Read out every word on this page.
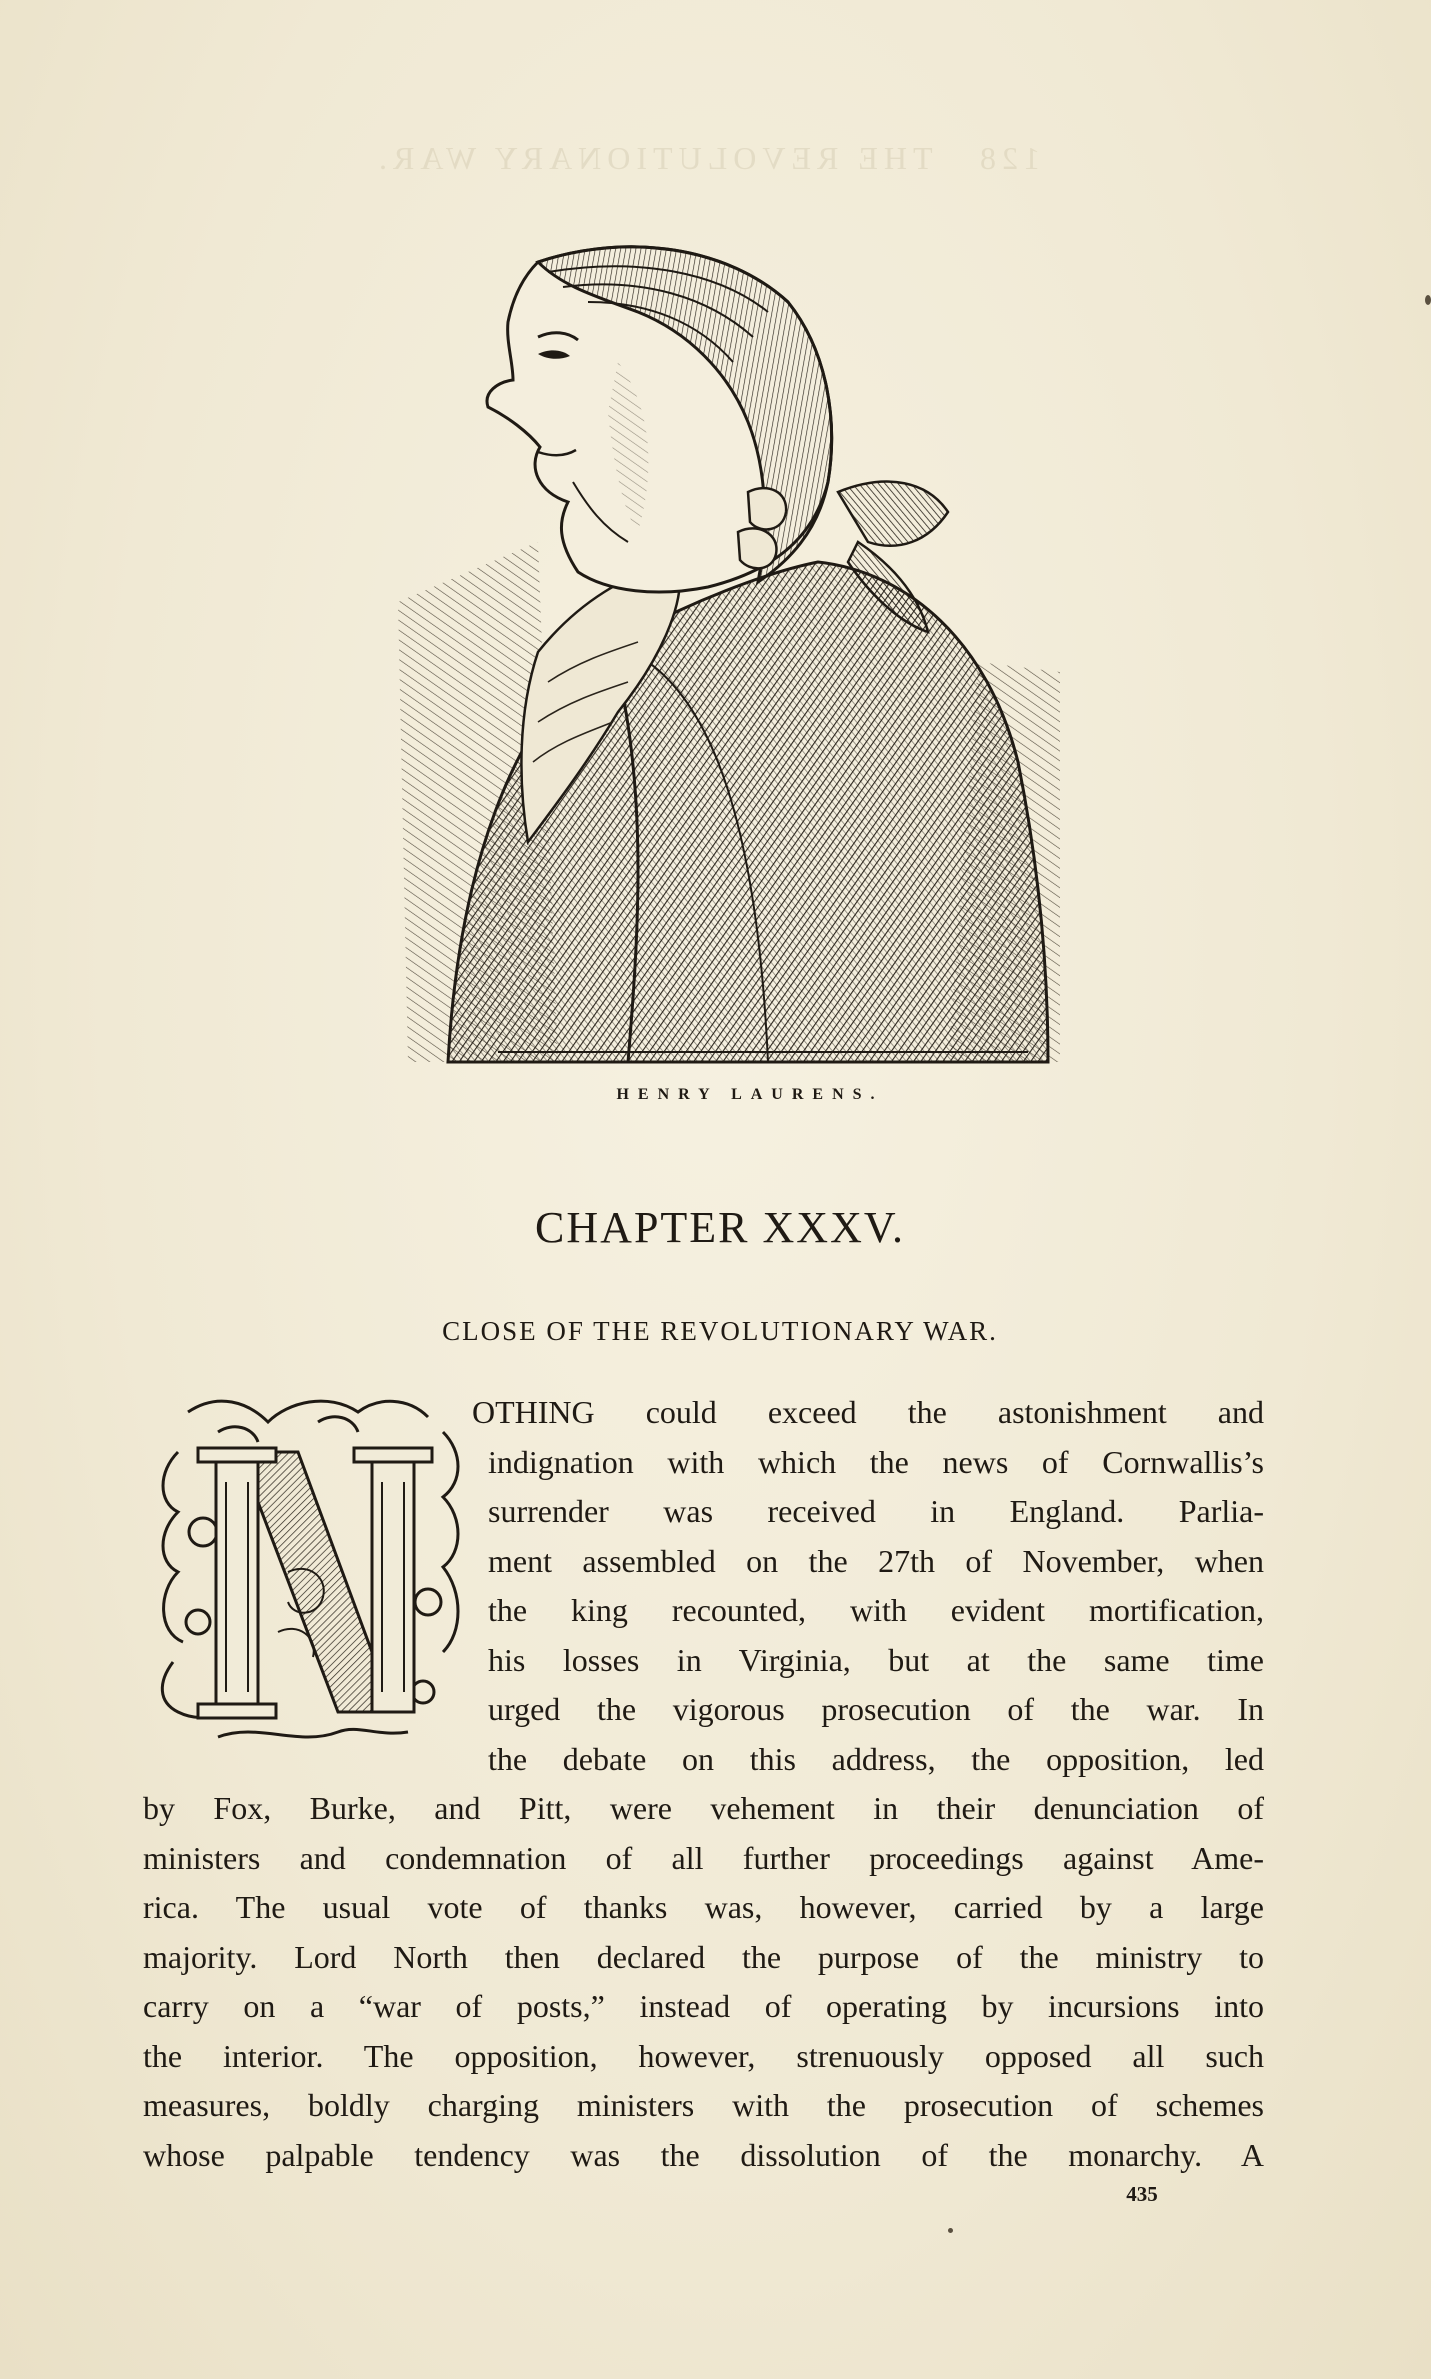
128   THE REVOLUTIONARY WAR.
HENRY LAURENS.
CHAPTER XXXV.
CLOSE OF THE REVOLUTIONARY WAR.
OTHING could exceed the astonishment and
indignation with which the news of Cornwallis’s
surrender was received in England. Parlia-
ment assembled on the 27th of November, when
the king recounted, with evident mortification,
his losses in Virginia, but at the same time
urged the vigorous prosecution of the war. In
the debate on this address, the opposition, led
by Fox, Burke, and Pitt, were vehement in their denunciation of
ministers and condemnation of all further proceedings against Ame-
rica. The usual vote of thanks was, however, carried by a large
majority. Lord North then declared the purpose of the ministry to
carry on a “war of posts,” instead of operating by incursions into
the interior. The opposition, however, strenuously opposed all such
measures, boldly charging ministers with the prosecution of schemes
whose palpable tendency was the dissolution of the monarchy. A
435
